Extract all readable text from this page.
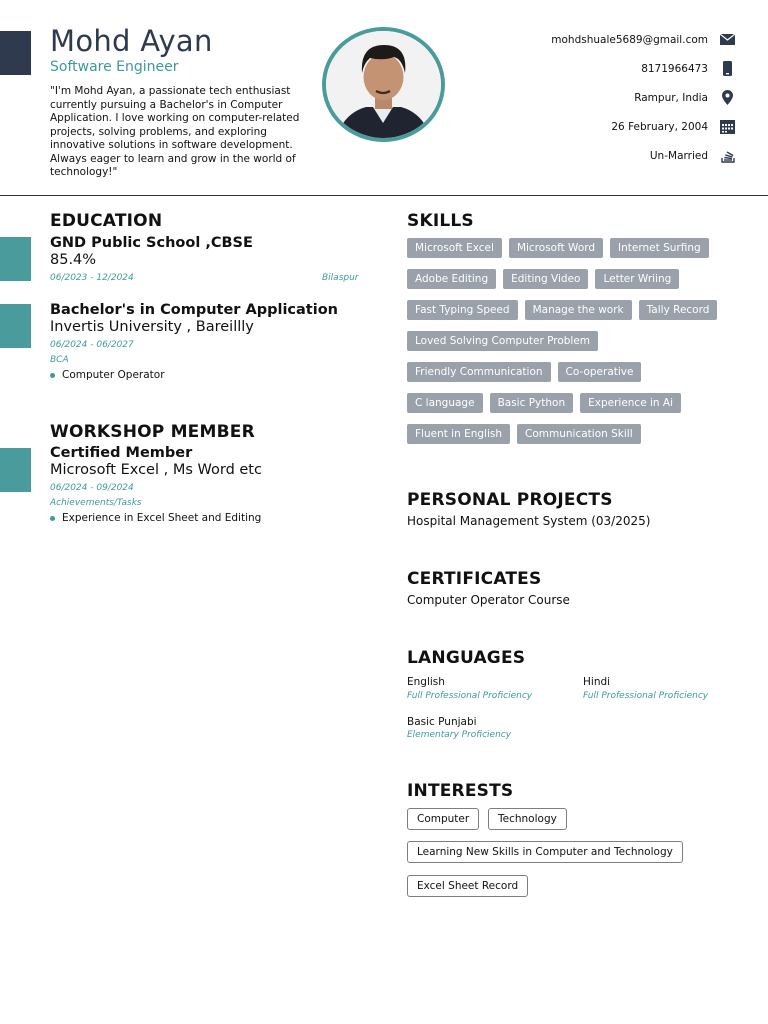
Mohd Ayan
Software Engineer
"I'm Mohd Ayan, a passionate tech enthusiast currently pursuing a Bachelor's in Computer Application. I love working on computer-related projects, solving problems, and exploring innovative solutions in software development. Always eager to learn and grow in the world of technology!"
mohdshuale5689@gmail.com
8171966473
Rampur, India
26 February, 2004
Un-Married
EDUCATION
GND Public School ,CBSE
85.4%
06/2023 - 12/2024	Bilaspur
Bachelor's in Computer Application
Invertis University , Bareillly
06/2024 - 06/2027
BCA
Computer Operator
WORKSHOP MEMBER
Certified Member
Microsoft Excel , Ms Word etc
06/2024 - 09/2024
Achievements/Tasks
Experience in Excel Sheet and Editing
SKILLS
Microsoft Excel	Microsoft Word	Internet Surfing
Adobe Editing	Editing Video	Letter Wriing
Fast Typing Speed	Manage the work	Tally Record
Loved Solving Computer Problem
Friendly Communication	Co-operative
C language	Basic Python	Experience in Ai
Fluent in English	Communication Skill
PERSONAL PROJECTS
Hospital Management System (03/2025)
CERTIFICATES
Computer Operator Course
LANGUAGES
English
Full Professional Proficiency
Hindi
Full Professional Proficiency
Basic Punjabi
Elementary Proficiency
INTERESTS
Computer	Technology
Learning New Skills in Computer and Technology
Excel Sheet Record
